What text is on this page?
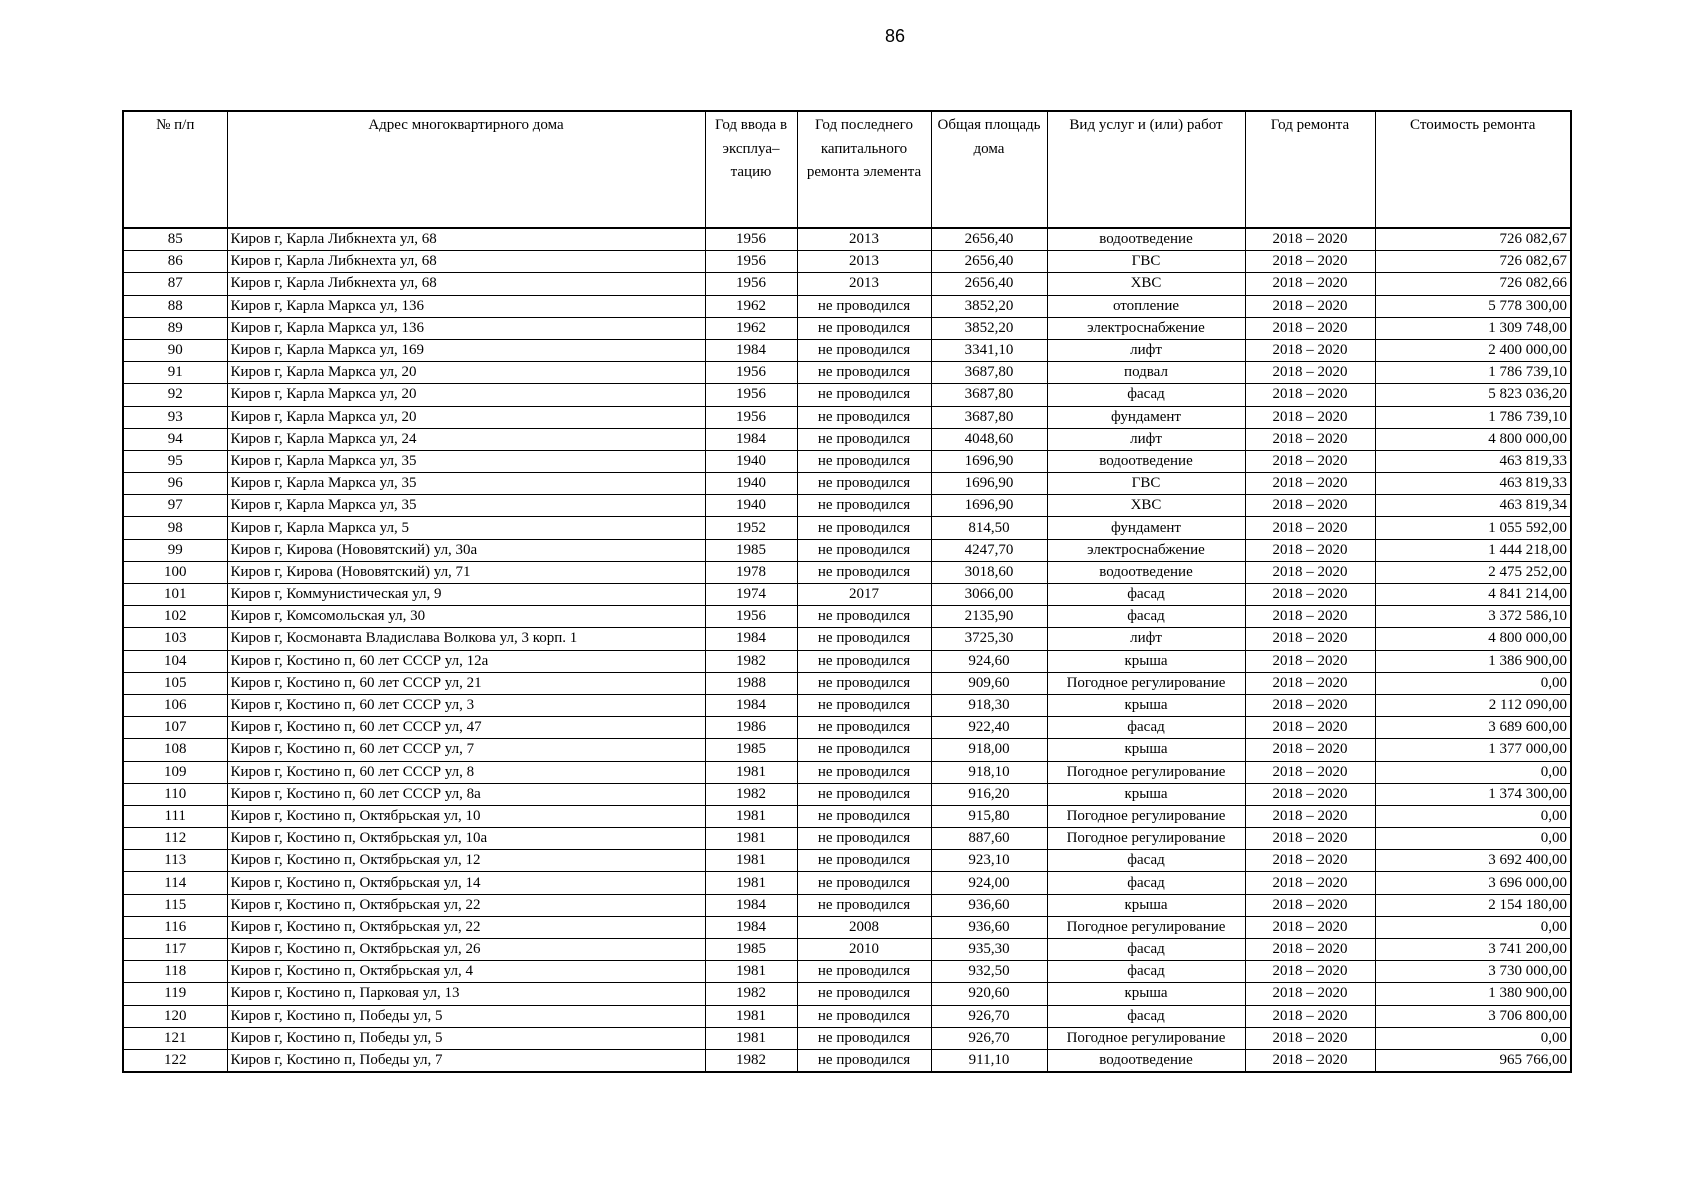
86
№ п/п	Адрес многоквартирного дома	Год ввода в эксплуа– тацию	Год последнего капитального ремонта элемента	Общая площадь дома	Вид услуг и (или) работ	Год ремонта	Стоимость ремонта
85	Киров г, Карла Либкнехта ул, 68	1956	2013	2656,40	водоотведение	2018 – 2020	726 082,67
86	Киров г, Карла Либкнехта ул, 68	1956	2013	2656,40	ГВС	2018 – 2020	726 082,67
87	Киров г, Карла Либкнехта ул, 68	1956	2013	2656,40	ХВС	2018 – 2020	726 082,66
88	Киров г, Карла Маркса ул, 136	1962	не проводился	3852,20	отопление	2018 – 2020	5 778 300,00
89	Киров г, Карла Маркса ул, 136	1962	не проводился	3852,20	электроснабжение	2018 – 2020	1 309 748,00
90	Киров г, Карла Маркса ул, 169	1984	не проводился	3341,10	лифт	2018 – 2020	2 400 000,00
91	Киров г, Карла Маркса ул, 20	1956	не проводился	3687,80	подвал	2018 – 2020	1 786 739,10
92	Киров г, Карла Маркса ул, 20	1956	не проводился	3687,80	фасад	2018 – 2020	5 823 036,20
93	Киров г, Карла Маркса ул, 20	1956	не проводился	3687,80	фундамент	2018 – 2020	1 786 739,10
94	Киров г, Карла Маркса ул, 24	1984	не проводился	4048,60	лифт	2018 – 2020	4 800 000,00
95	Киров г, Карла Маркса ул, 35	1940	не проводился	1696,90	водоотведение	2018 – 2020	463 819,33
96	Киров г, Карла Маркса ул, 35	1940	не проводился	1696,90	ГВС	2018 – 2020	463 819,33
97	Киров г, Карла Маркса ул, 35	1940	не проводился	1696,90	ХВС	2018 – 2020	463 819,34
98	Киров г, Карла Маркса ул, 5	1952	не проводился	814,50	фундамент	2018 – 2020	1 055 592,00
99	Киров г, Кирова (Нововятский) ул, 30а	1985	не проводился	4247,70	электроснабжение	2018 – 2020	1 444 218,00
100	Киров г, Кирова (Нововятский) ул, 71	1978	не проводился	3018,60	водоотведение	2018 – 2020	2 475 252,00
101	Киров г, Коммунистическая ул, 9	1974	2017	3066,00	фасад	2018 – 2020	4 841 214,00
102	Киров г, Комсомольская ул, 30	1956	не проводился	2135,90	фасад	2018 – 2020	3 372 586,10
103	Киров г, Космонавта Владислава Волкова ул, 3 корп. 1	1984	не проводился	3725,30	лифт	2018 – 2020	4 800 000,00
104	Киров г, Костино п, 60 лет СССР ул, 12а	1982	не проводился	924,60	крыша	2018 – 2020	1 386 900,00
105	Киров г, Костино п, 60 лет СССР ул, 21	1988	не проводился	909,60	Погодное регулирование	2018 – 2020	0,00
106	Киров г, Костино п, 60 лет СССР ул, 3	1984	не проводился	918,30	крыша	2018 – 2020	2 112 090,00
107	Киров г, Костино п, 60 лет СССР ул, 47	1986	не проводился	922,40	фасад	2018 – 2020	3 689 600,00
108	Киров г, Костино п, 60 лет СССР ул, 7	1985	не проводился	918,00	крыша	2018 – 2020	1 377 000,00
109	Киров г, Костино п, 60 лет СССР ул, 8	1981	не проводился	918,10	Погодное регулирование	2018 – 2020	0,00
110	Киров г, Костино п, 60 лет СССР ул, 8а	1982	не проводился	916,20	крыша	2018 – 2020	1 374 300,00
111	Киров г, Костино п, Октябрьская ул, 10	1981	не проводился	915,80	Погодное регулирование	2018 – 2020	0,00
112	Киров г, Костино п, Октябрьская ул, 10а	1981	не проводился	887,60	Погодное регулирование	2018 – 2020	0,00
113	Киров г, Костино п, Октябрьская ул, 12	1981	не проводился	923,10	фасад	2018 – 2020	3 692 400,00
114	Киров г, Костино п, Октябрьская ул, 14	1981	не проводился	924,00	фасад	2018 – 2020	3 696 000,00
115	Киров г, Костино п, Октябрьская ул, 22	1984	не проводился	936,60	крыша	2018 – 2020	2 154 180,00
116	Киров г, Костино п, Октябрьская ул, 22	1984	2008	936,60	Погодное регулирование	2018 – 2020	0,00
117	Киров г, Костино п, Октябрьская ул, 26	1985	2010	935,30	фасад	2018 – 2020	3 741 200,00
118	Киров г, Костино п, Октябрьская ул, 4	1981	не проводился	932,50	фасад	2018 – 2020	3 730 000,00
119	Киров г, Костино п, Парковая ул, 13	1982	не проводился	920,60	крыша	2018 – 2020	1 380 900,00
120	Киров г, Костино п, Победы ул, 5	1981	не проводился	926,70	фасад	2018 – 2020	3 706 800,00
121	Киров г, Костино п, Победы ул, 5	1981	не проводился	926,70	Погодное регулирование	2018 – 2020	0,00
122	Киров г, Костино п, Победы ул, 7	1982	не проводился	911,10	водоотведение	2018 – 2020	965 766,00
